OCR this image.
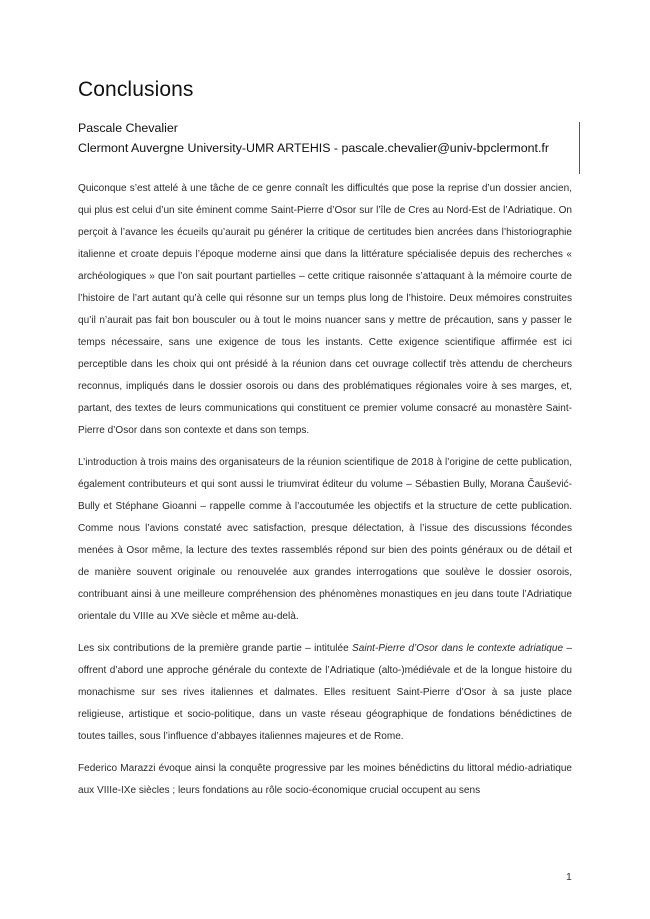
Conclusions
Pascale Chevalier
Clermont Auvergne University-UMR ARTEHIS - pascale.chevalier@univ-bpclermont.fr

Quiconque s’est attelé à une tâche de ce genre connaît les difficultés que pose la reprise d’un dossier ancien, qui plus est celui d’un site éminent comme Saint-Pierre d’Osor sur l’île de Cres au Nord-Est de l’Adriatique. On perçoit à l’avance les écueils qu’aurait pu générer la critique de certitudes bien ancrées dans l’historiographie italienne et croate depuis l’époque moderne ainsi que dans la littérature spécialisée depuis des recherches « archéologiques » que l’on sait pourtant partielles – cette critique raisonnée s’attaquant à la mémoire courte de l’histoire de l’art autant qu’à celle qui résonne sur un temps plus long de l’histoire. Deux mémoires construites qu’il n’aurait pas fait bon bousculer ou à tout le moins nuancer sans y mettre de précaution, sans y passer le temps nécessaire, sans une exigence de tous les instants. Cette exigence scientifique affirmée est ici perceptible dans les choix qui ont présidé à la réunion dans cet ouvrage collectif très attendu de chercheurs reconnus, impliqués dans le dossier osorois ou dans des problématiques régionales voire à ses marges, et, partant, des textes de leurs communications qui constituent ce premier volume consacré au monastère Saint-Pierre d’Osor dans son contexte et dans son temps.

L’introduction à trois mains des organisateurs de la réunion scientifique de 2018 à l’origine de cette publication, également contributeurs et qui sont aussi le triumvirat éditeur du volume – Sébastien Bully, Morana Čaušević-Bully et Stéphane Gioanni – rappelle comme à l’accoutumée les objectifs et la structure de cette publication. Comme nous l’avions constaté avec satisfaction, presque délectation, à l’issue des discussions fécondes menées à Osor même, la lecture des textes rassemblés répond sur bien des points généraux ou de détail et de manière souvent originale ou renouvelée aux grandes interrogations que soulève le dossier osorois, contribuant ainsi à une meilleure compréhension des phénomènes monastiques en jeu dans toute l’Adriatique orientale du VIIIe au XVe siècle et même au-delà.

Les six contributions de la première grande partie – intitulée Saint-Pierre d’Osor dans le contexte adriatique – offrent d’abord une approche générale du contexte de l’Adriatique (alto-)médiévale et de la longue histoire du monachisme sur ses rives italiennes et dalmates. Elles resituent Saint-Pierre d’Osor à sa juste place religieuse, artistique et socio-politique, dans un vaste réseau géographique de fondations bénédictines de toutes tailles, sous l’influence d’abbayes italiennes majeures et de Rome.

Federico Marazzi évoque ainsi la conquête progressive par les moines bénédictins du littoral médio-adriatique aux VIIIe-IXe siècles ; leurs fondations au rôle socio-économique crucial occupent au sens

1
